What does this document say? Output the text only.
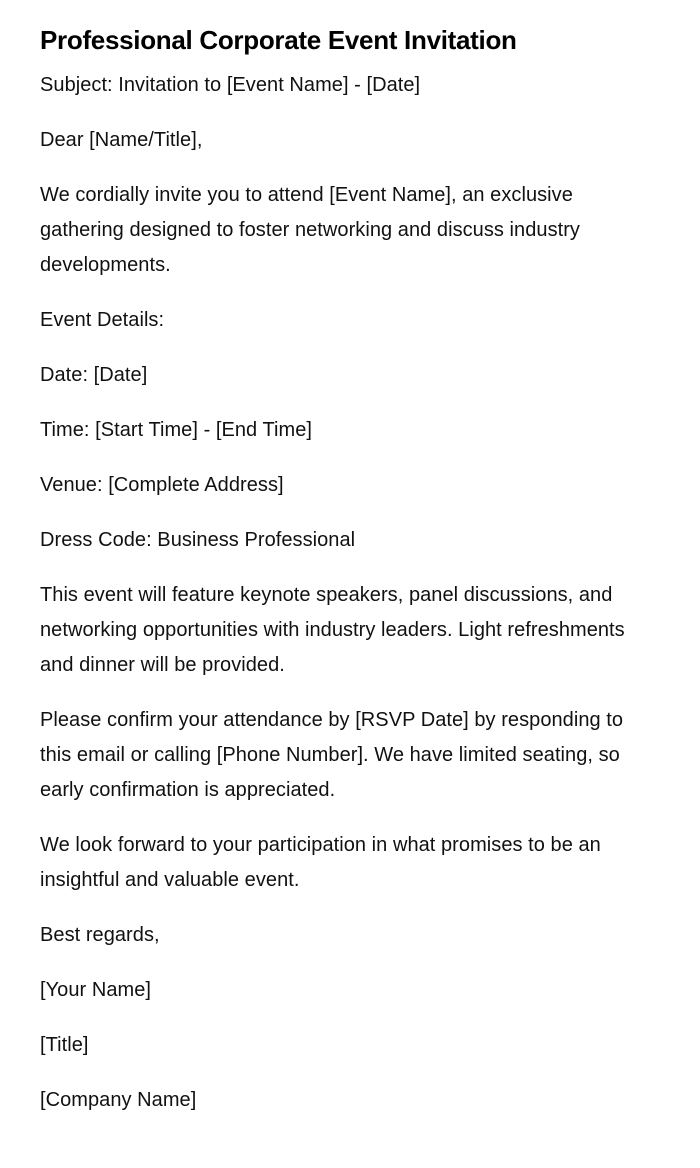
Professional Corporate Event Invitation

Subject: Invitation to [Event Name] - [Date]

Dear [Name/Title],

We cordially invite you to attend [Event Name], an exclusive gathering designed to foster networking and discuss industry developments.

Event Details:

Date: [Date]

Time: [Start Time] - [End Time]

Venue: [Complete Address]

Dress Code: Business Professional

This event will feature keynote speakers, panel discussions, and networking opportunities with industry leaders. Light refreshments and dinner will be provided.

Please confirm your attendance by [RSVP Date] by responding to this email or calling [Phone Number]. We have limited seating, so early confirmation is appreciated.

We look forward to your participation in what promises to be an insightful and valuable event.

Best regards,

[Your Name]

[Title]

[Company Name]
